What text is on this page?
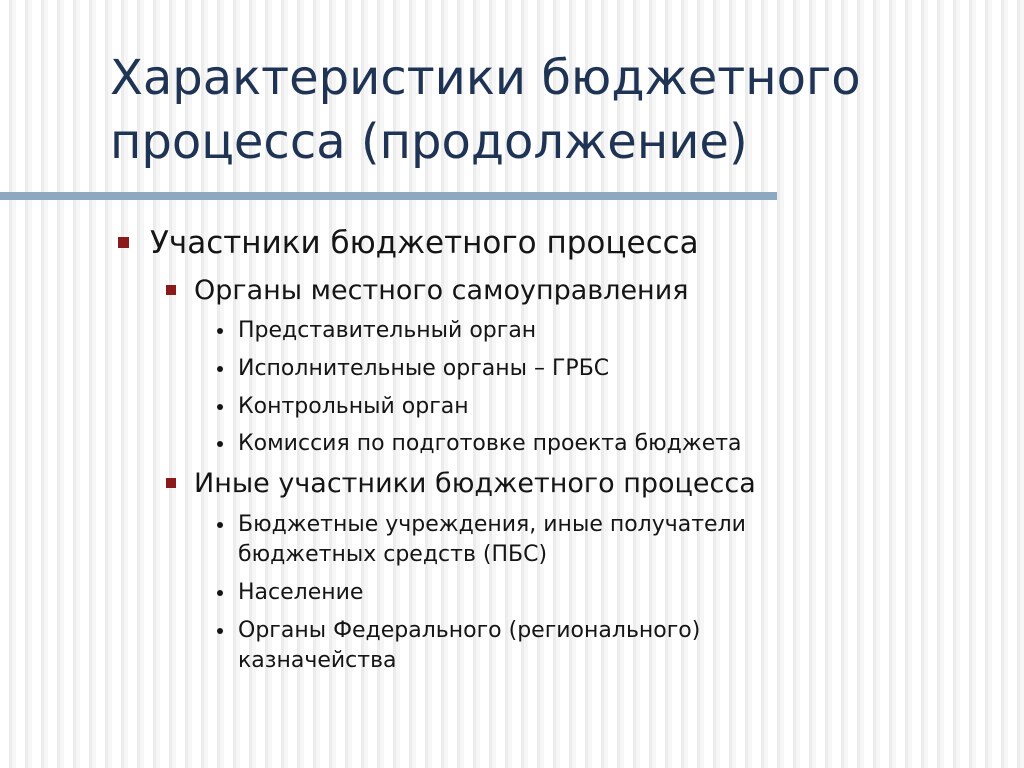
Характеристики бюджетного
процесса (продолжение)
Участники бюджетного процесса
Органы местного самоуправления
Представительный орган
Исполнительные органы – ГРБС
Контрольный орган
Комиссия по подготовке проекта бюджета
Иные участники бюджетного процесса
Бюджетные учреждения, иные получатели
бюджетных средств (ПБС)
Население
Органы Федерального (регионального)
казначейства
